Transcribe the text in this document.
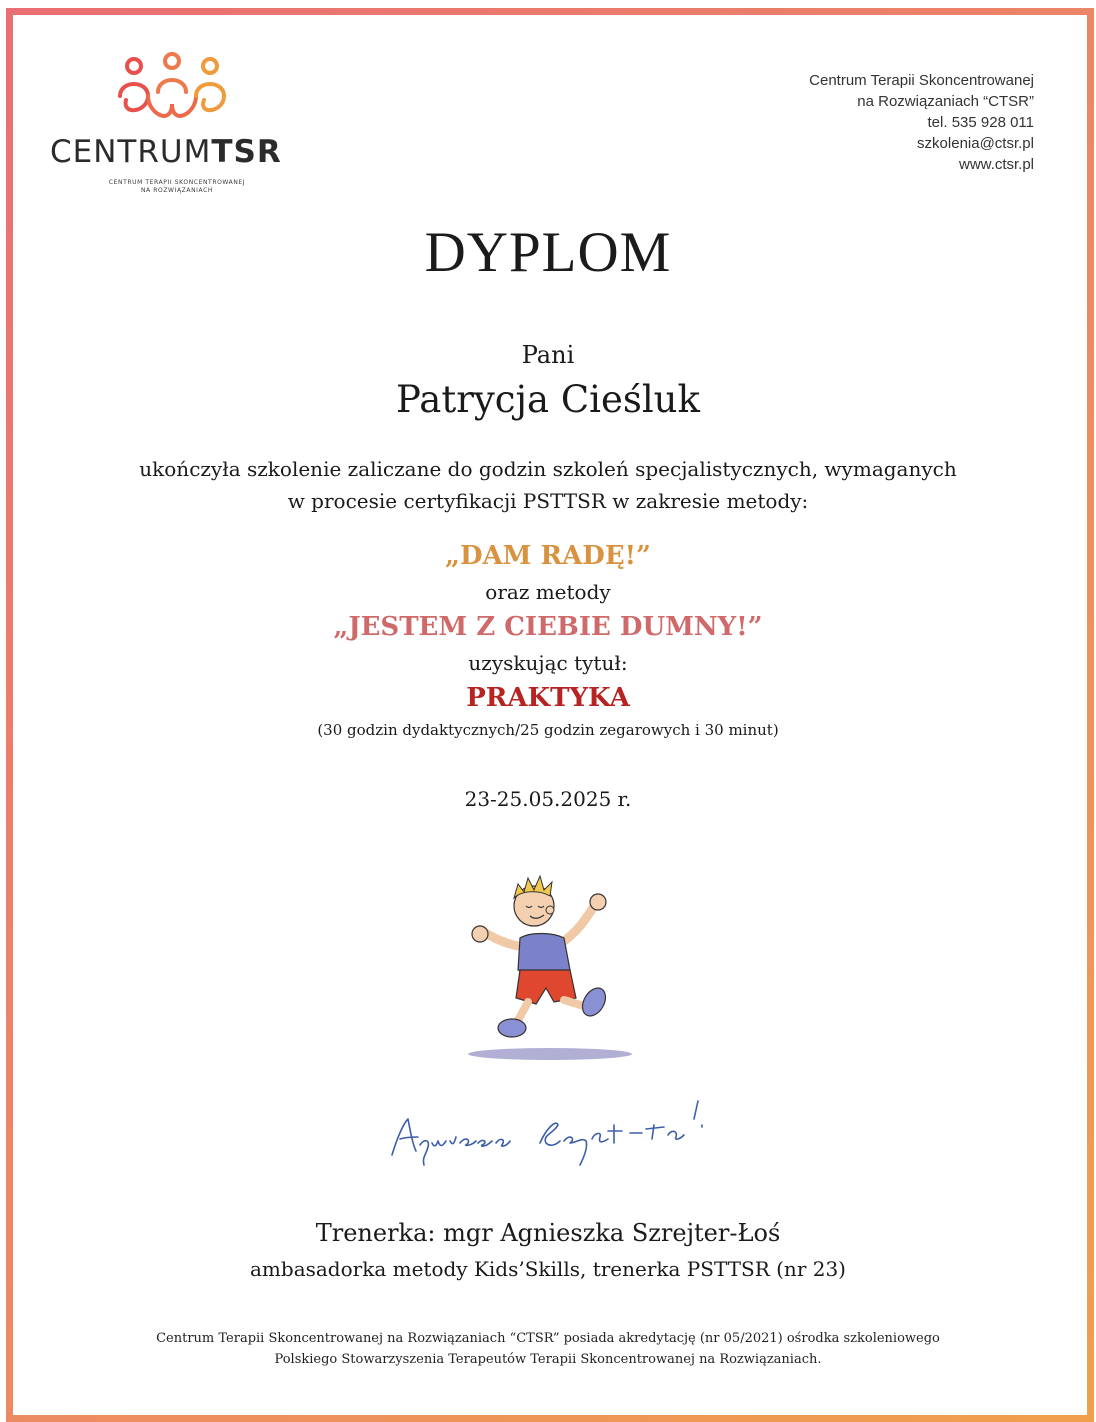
CENTRUMTSR
CENTRUM TERAPII SKONCENTROWANEJ
NA ROZWIĄZANIACH
Centrum Terapii Skoncentrowanej
na Rozwiązaniach “CTSR”
tel. 535 928 011
szkolenia@ctsr.pl
www.ctsr.pl
DYPLOM
Pani
Patrycja Cieśluk
ukończyła szkolenie zaliczane do godzin szkoleń specjalistycznych, wymaganych
w procesie certyfikacji PSTTSR w zakresie metody:
„DAM RADĘ!”
oraz metody
„JESTEM Z CIEBIE DUMNY!”
uzyskując tytuł:
PRAKTYKA
(30 godzin dydaktycznych/25 godzin zegarowych i 30 minut)
23-25.05.2025 r.
Trenerka: mgr Agnieszka Szrejter-Łoś
ambasadorka metody Kids’Skills, trenerka PSTTSR (nr 23)
Centrum Terapii Skoncentrowanej na Rozwiązaniach “CTSR” posiada akredytację (nr 05/2021) ośrodka szkoleniowego
Polskiego Stowarzyszenia Terapeutów Terapii Skoncentrowanej na Rozwiązaniach.
